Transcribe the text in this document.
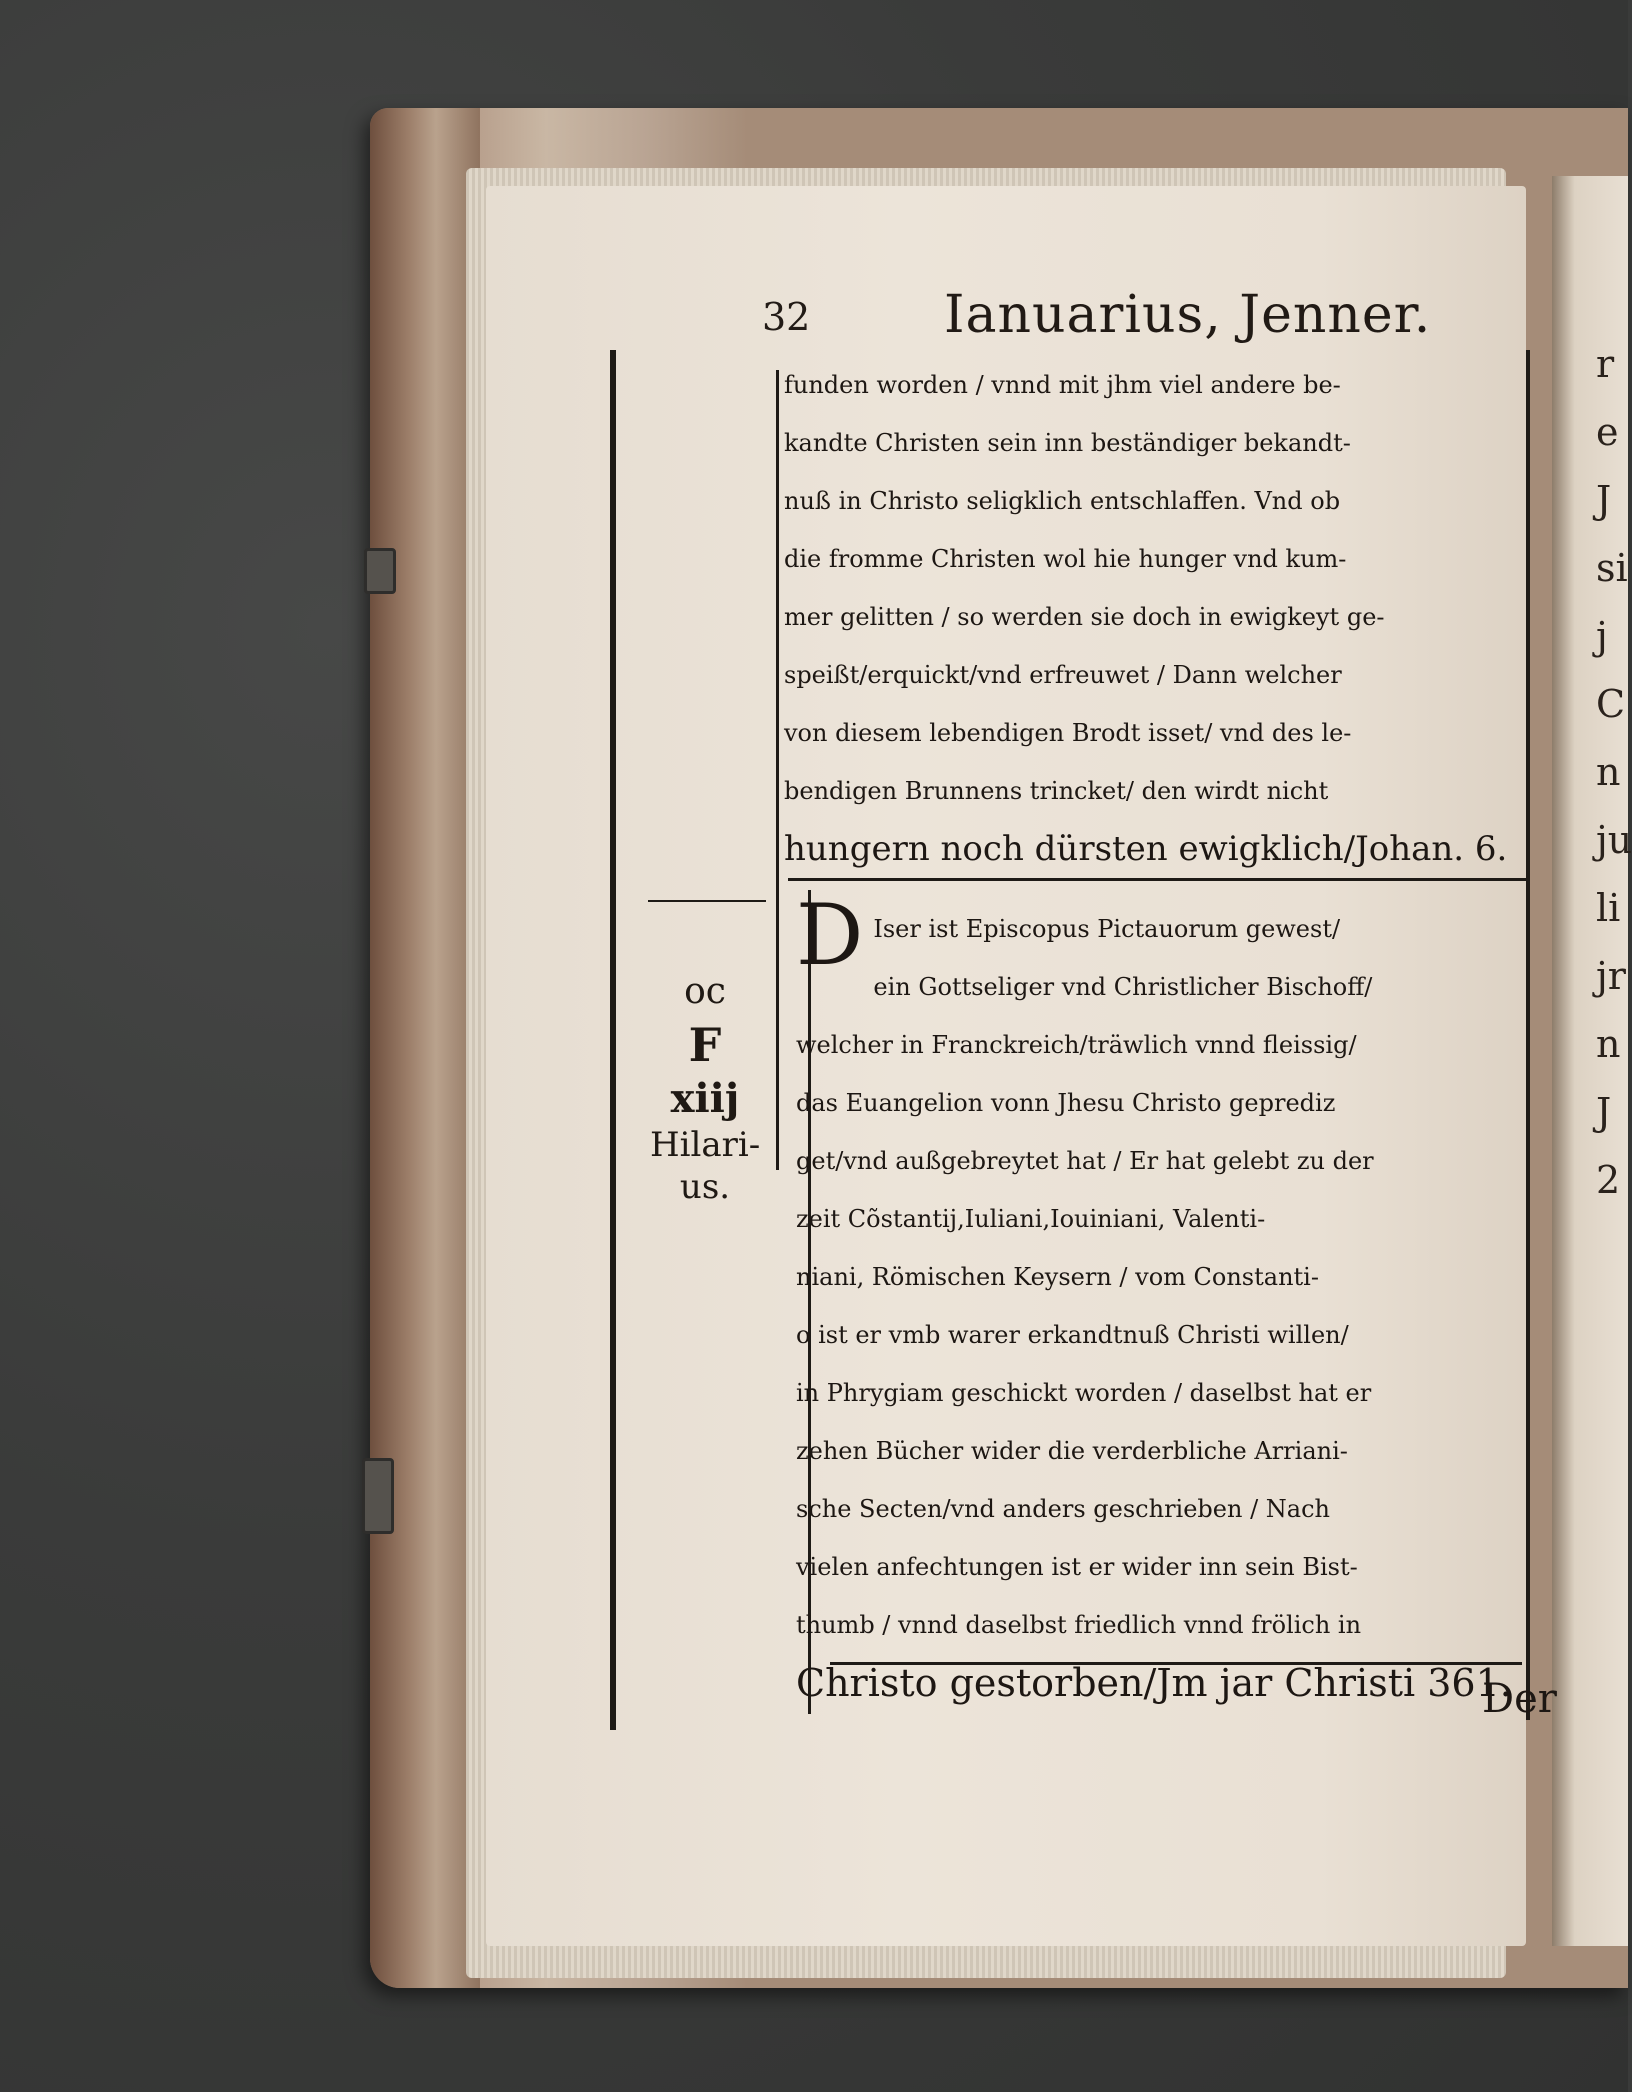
r
e
J
si
j
C
n
ju
li
jr
n
J
2
32	Ianuarius, Jenner.
funden worden / vnnd mit jhm viel andere be-
kandte Christen sein inn beständiger bekandt-
nuß in Christo seligklich entschlaffen. Vnd ob
die fromme Christen wol hie hunger vnd kum-
mer gelitten / so werden sie doch in ewigkeyt ge-
speißt/erquickt/vnd erfreuwet / Dann welcher
von diesem lebendigen Brodt isset/ vnd des le-
bendigen Brunnens trincket/ den wirdt nicht
hungern noch dürsten ewigklich/Johan. 6.
oc
F
xiij
Hilari-
us.
D Iser ist Episcopus Pictauorum gewest/
ein Gottseliger vnd Christlicher Bischoff/
welcher in Franckreich/träwlich vnnd fleissig/
das Euangelion vonn Jhesu Christo geprediz
get/vnd außgebreytet hat / Er hat gelebt zu der
zeit Cõstantij,Iuliani,Iouiniani, Valenti-
niani, Römischen Keysern / vom Constanti-
o ist er vmb warer erkandtnuß Christi willen/
in Phrygiam geschickt worden / daselbst hat er
zehen Bücher wider die verderbliche Arriani-
sche Secten/vnd anders geschrieben / Nach
vielen anfechtungen ist er wider inn sein Bist-
thumb / vnnd daselbst friedlich vnnd frölich in
Christo gestorben/Jm jar Christi 361.
Der
